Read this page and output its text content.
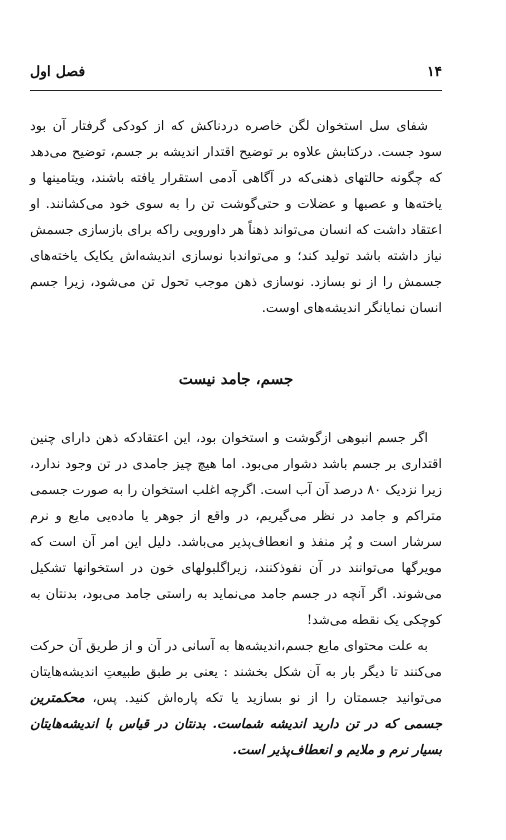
۱۴
فصل اول

شفای سل استخوان لگن خاصره دردناکش که از کودکی گرفتار آن بود سود جست. درکتابش علاوه بر توضیح اقتدار اندیشه بر جسم، توضیح می‌دهد که چگونه حالتهای ذهنی‌که در آگاهی آدمی استقرار یافته باشند، ویتامینها و یاخته‌ها و عصبها و عضلات و حتی‌گوشت تن را به سوی خود می‌کشانند. او اعتقاد داشت که انسان می‌تواند ذهناً هر داورویی راکه برای بازسازی جسمش نیاز داشته باشد تولید کند؛ و می‌تواندبا نوسازی اندیشه‌اش یکایک یاخته‌های جسمش را از نو بسازد. نوسازی ذهن موجب تحول تن می‌شود، زیرا جسم انسان نمایانگر اندیشه‌های اوست.

جسم، جامد نیست

اگر جسم انبوهی ازگوشت و استخوان بود، این اعتقادکه ذهن دارای چنین اقتداری بر جسم باشد دشوار می‌بود. اما هیچ چیز جامدی در تن وجود ندارد، زیرا نزدیک ۸۰ درصد آن آب است. اگرچه اغلب استخوان را به صورت جسمی متراکم و جامد در نظر می‌گیریم، در واقع از جوهر یا ماده‌یی مایع و نرم سرشار است و پُر منفذ و انعطاف‌پذیر می‌باشد. دلیل این امر آن است که مویرگها می‌توانند در آن نفوذکنند، زیراگلبولهای خون در استخوانها تشکیل می‌شوند. اگر آنچه در جسم جامد می‌نماید به راستی جامد می‌بود، بدنتان به کوچکی یک نقطه می‌شد!

به علت محتوای مایع جسم،اندیشه‌ها به آسانی در آن و از طریق آن حرکت می‌کنند تا دیگر بار به آن شکل بخشند : یعنی بر طبق طبیعتِ اندیشه‌هایتان می‌توانید جسمتان را از نو بسازید یا تکه پاره‌اش کنید. پس، محکمترین جسمی که در تن دارید اندیشه شماست. بدنتان در قیاس با اندیشه‌هایتان بسیار نرم و ملایم و انعطاف‌پذیر است.
